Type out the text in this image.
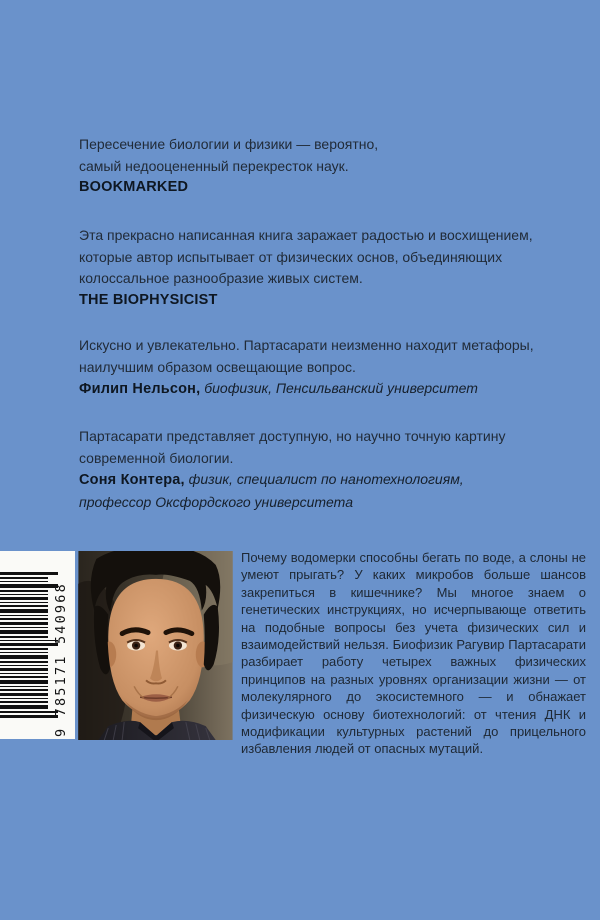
Пересечение биологии и физики — вероятно,
самый недооцененный перекресток наук.
BOOKMARKED
Эта прекрасно написанная книга заражает радостью и восхищением,
которые автор испытывает от физических основ, объединяющих
колоссальное разнообразие живых систем.
THE BIOPHYSICIST
Искусно и увлекательно. Партасарати неизменно находит метафоры,
наилучшим образом освещающие вопрос.
Филип Нельсон, биофизик, Пенсильванский университет
Партасарати представляет доступную, но научно точную картину
современной биологии.
Соня Контера, физик, специалист по нанотехнологиям, профессор Оксфордского университета
9 785171 540968
Почему водомерки способны бегать по воде, а слоны не умеют прыгать? У каких микробов больше шансов закрепиться в кишечнике? Мы многое знаем о генетических инструкциях, но исчерпывающе ответить на подобные вопросы без учета физических сил и взаимодействий нельзя. Биофизик Рагувир Партасарати разбирает работу четырех важных физических принципов на разных уровнях организации жизни — от молекулярного до экосистемного — и обнажает физическую основу биотехнологий: от чтения ДНК и модификации культурных растений до прицельного избавления людей от опасных мутаций.
